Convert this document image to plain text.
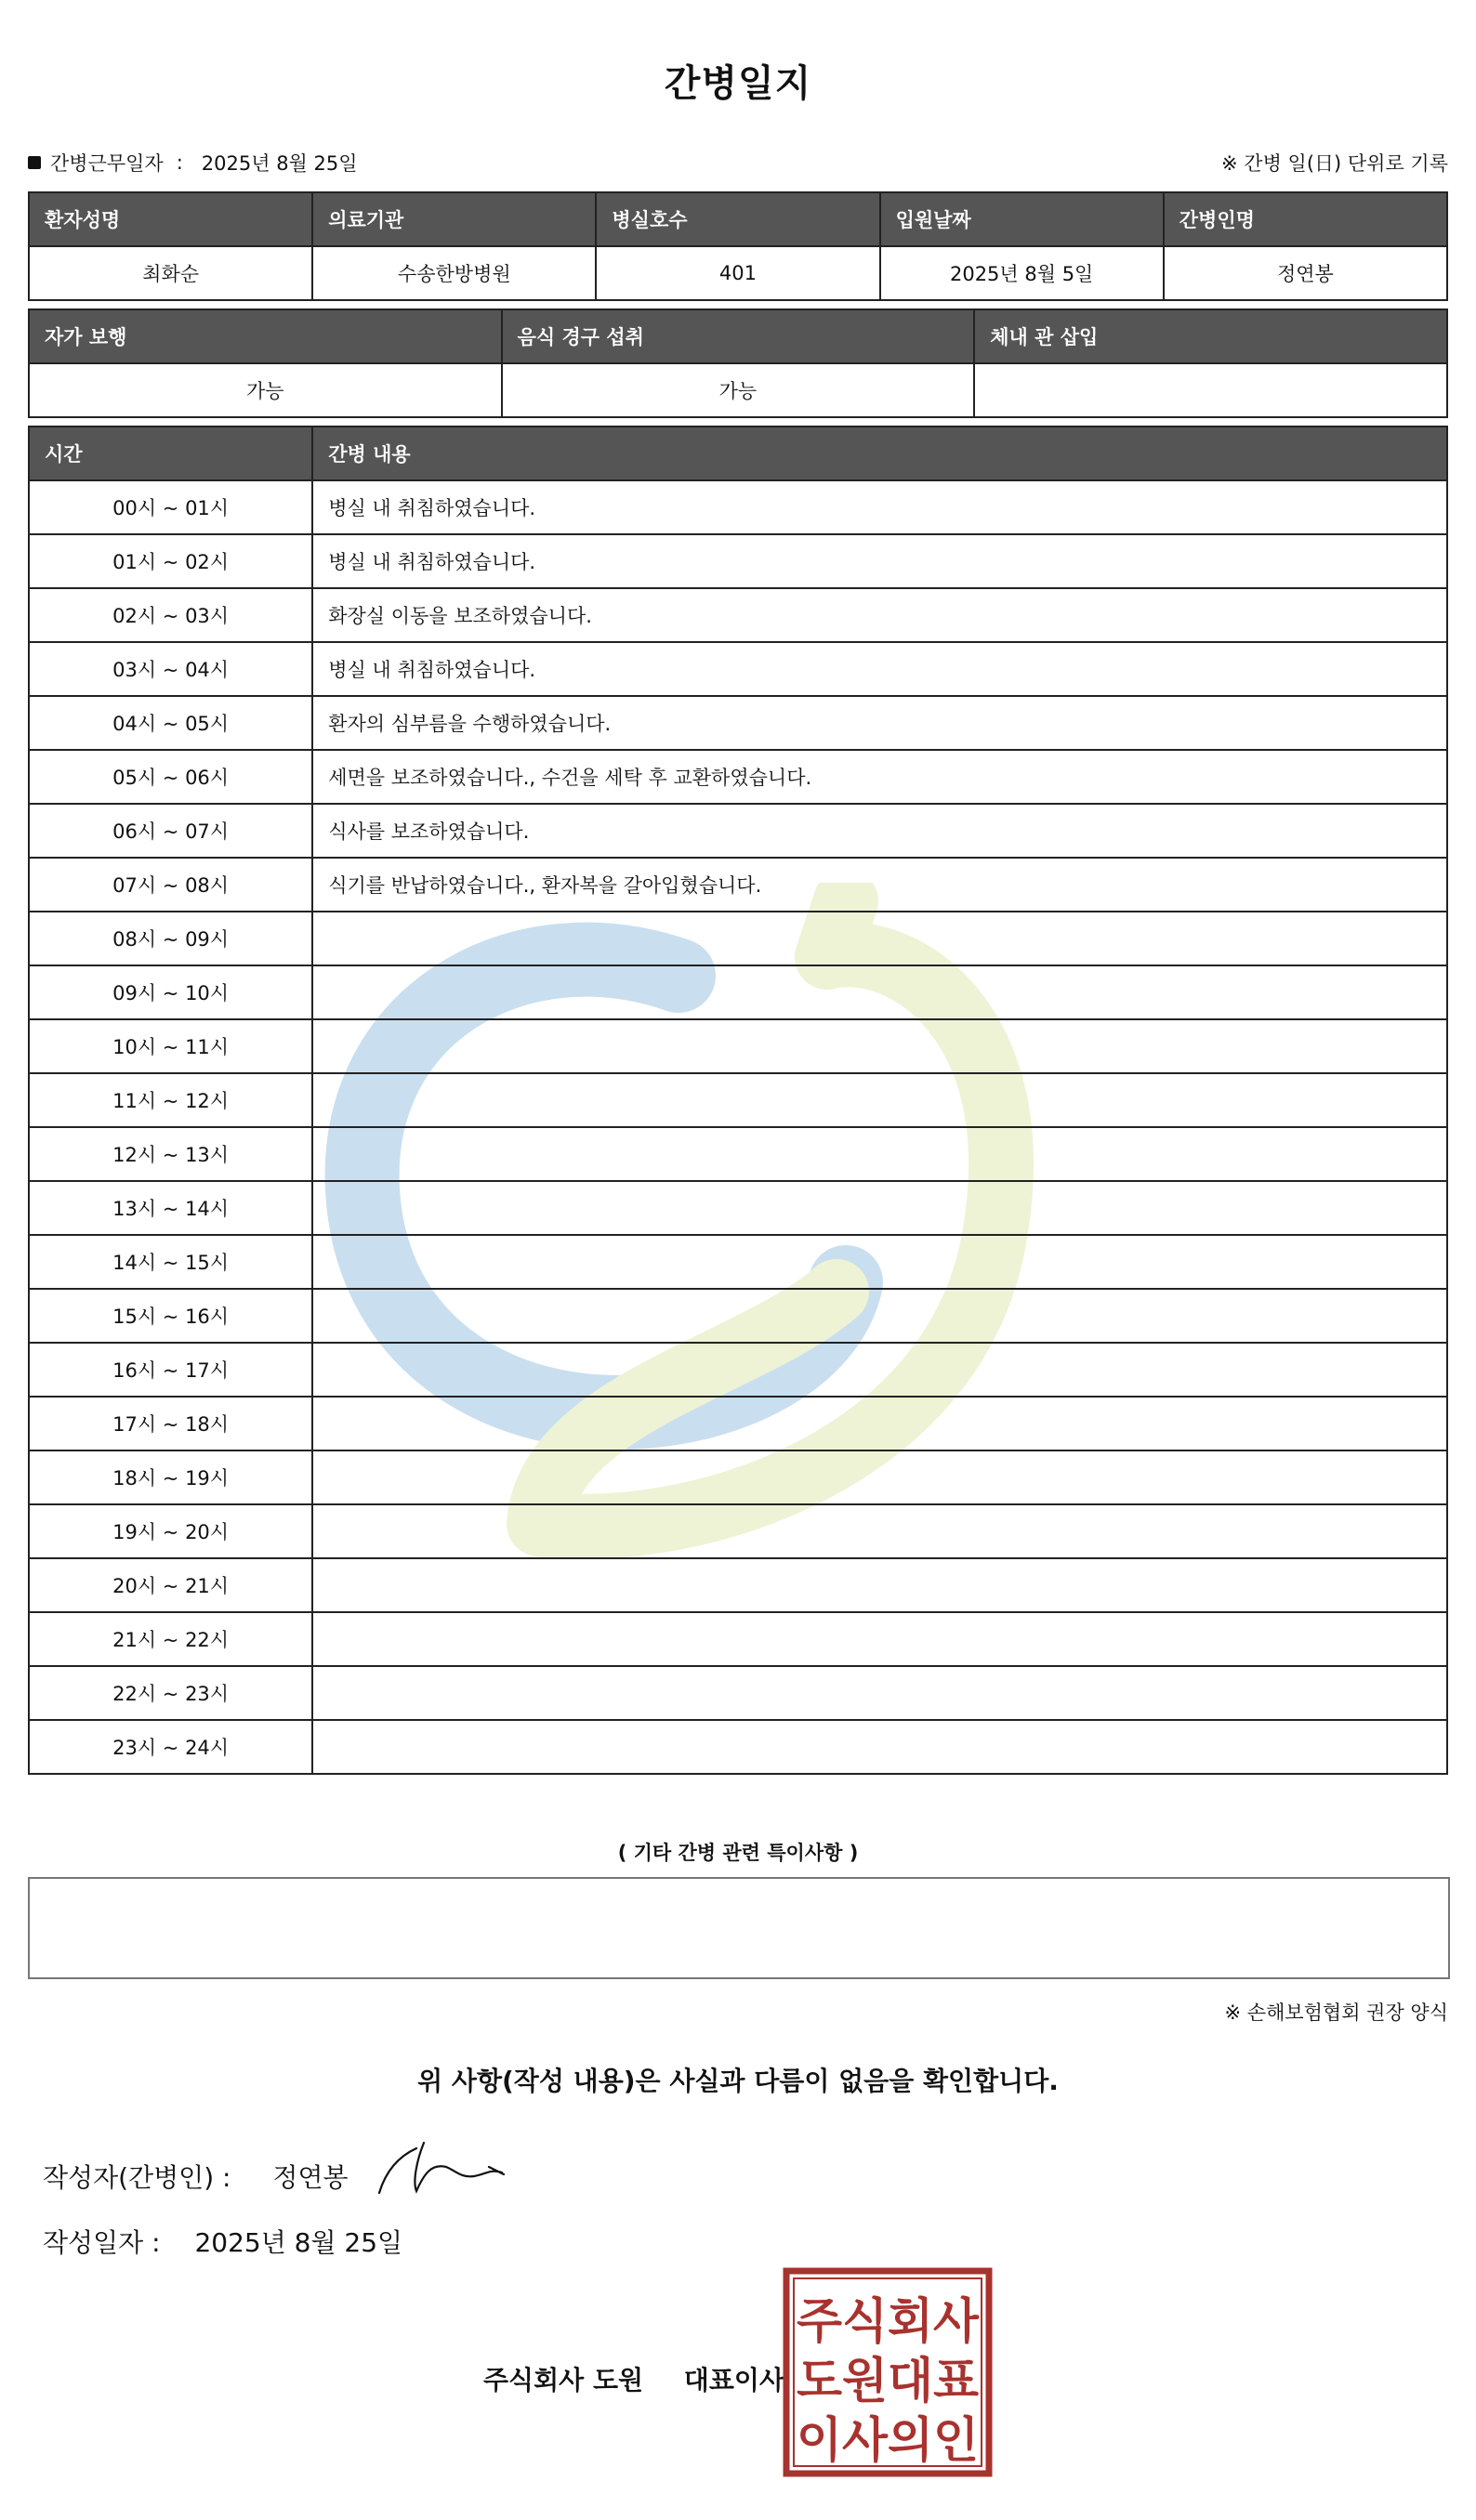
간병일지
간병근무일자 : 2025년 8월 25일	※ 간병 일(日) 단위로 기록
환자성명	의료기관	병실호수	입원날짜	간병인명
최화순	수송한방병원	401	2025년 8월 5일	정연봉
자가 보행	음식 경구 섭취	체내 관 삽입
가능	가능	
시간	간병 내용
00시 ~ 01시	병실 내 취침하였습니다.
01시 ~ 02시	병실 내 취침하였습니다.
02시 ~ 03시	화장실 이동을 보조하였습니다.
03시 ~ 04시	병실 내 취침하였습니다.
04시 ~ 05시	환자의 심부름을 수행하였습니다.
05시 ~ 06시	세면을 보조하였습니다., 수건을 세탁 후 교환하였습니다.
06시 ~ 07시	식사를 보조하였습니다.
07시 ~ 08시	식기를 반납하였습니다., 환자복을 갈아입혔습니다.
08시 ~ 09시	
09시 ~ 10시	
10시 ~ 11시	
11시 ~ 12시	
12시 ~ 13시	
13시 ~ 14시	
14시 ~ 15시	
15시 ~ 16시	
16시 ~ 17시	
17시 ~ 18시	
18시 ~ 19시	
19시 ~ 20시	
20시 ~ 21시	
21시 ~ 22시	
22시 ~ 23시	
23시 ~ 24시	
( 기타 간병 관련 특이사항 )
※ 손해보험협회 권장 양식
위 사항(작성 내용)은 사실과 다름이 없음을 확인합니다.
작성자(간병인) : 정연봉
작성일자 : 2025년 8월 25일
주식회사 도원 대표이사
주식회사
도원대표
이사의인
